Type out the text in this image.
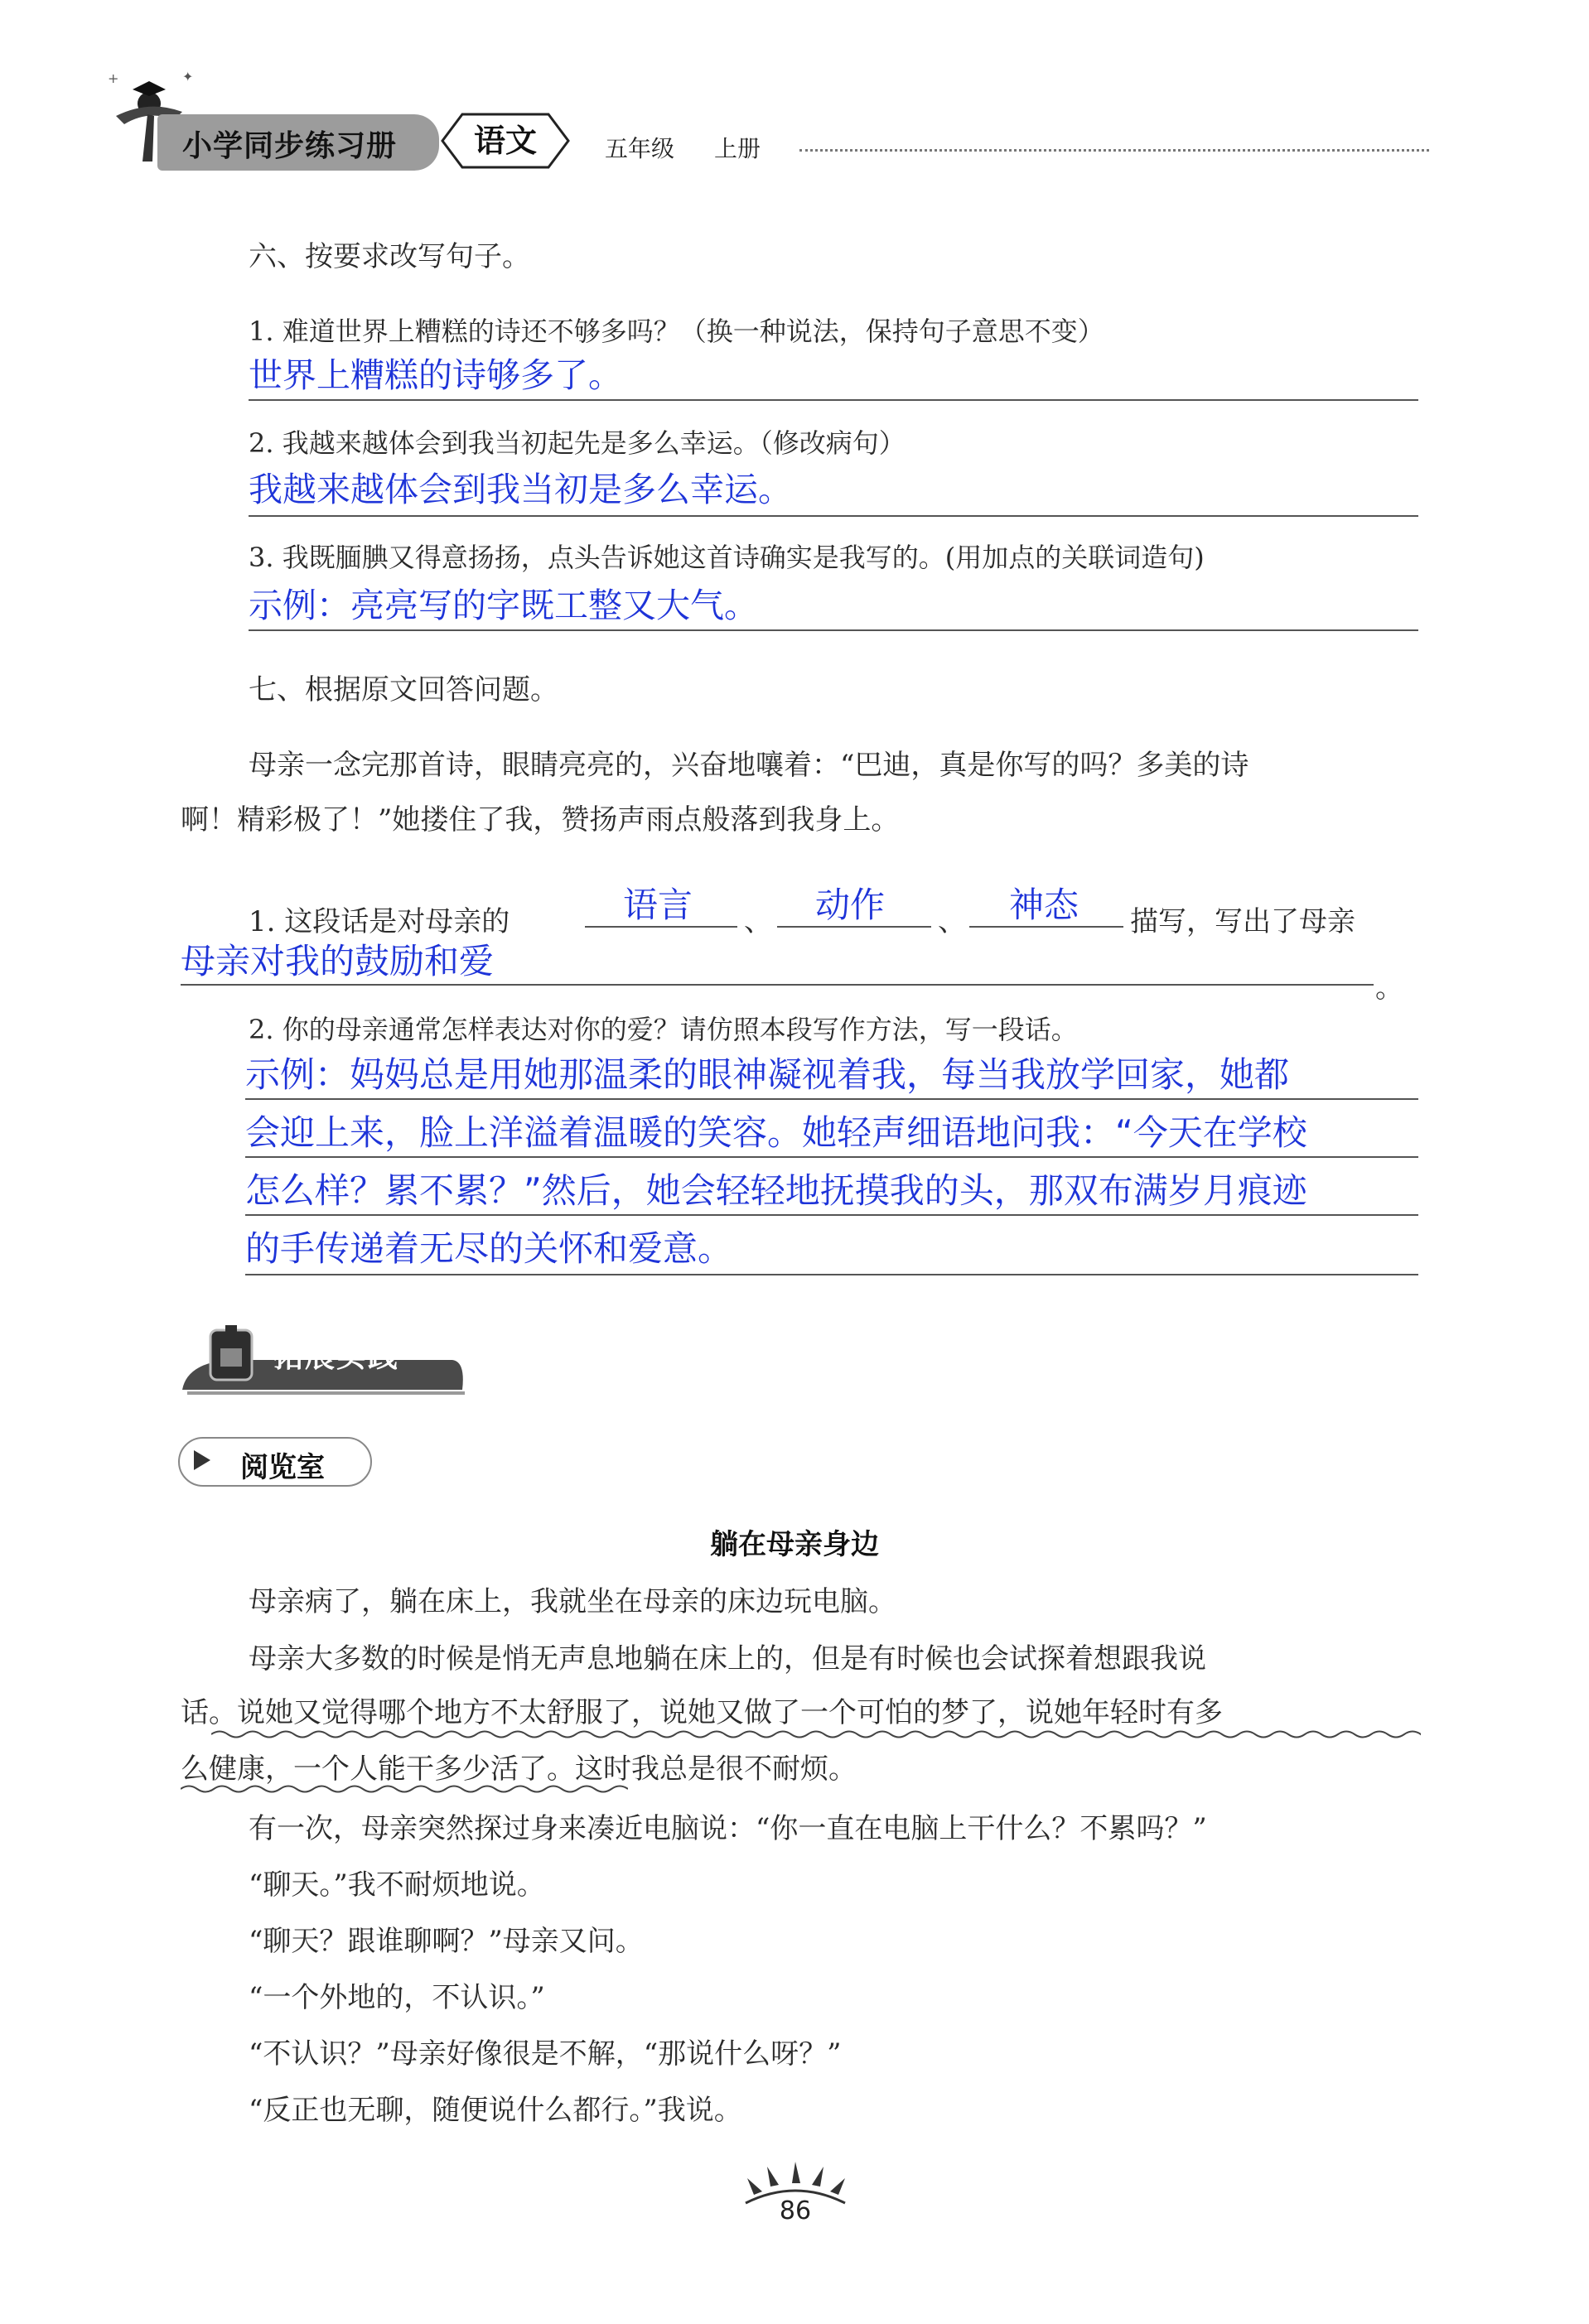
+	✦
小学同步练习册	语文	五年级 上册
六、按要求改写句子。
1. 难道世界上糟糕的诗还不够多吗？（换一种说法，保持句子意思不变）
世界上糟糕的诗够多了。
2. 我越来越体会到我当初起先是多么幸运。（修改病句）
我越来越体会到我当初是多么幸运。
3. 我既腼腆又得意扬扬，点头告诉她这首诗确实是我写的。(用加点的关联词造句)
示例：亮亮写的字既工整又大气。
七、根据原文回答问题。
母亲一念完那首诗，眼睛亮亮的，兴奋地嚷着：“巴迪，真是你写的吗？多美的诗
啊！精彩极了！”她搂住了我，赞扬声雨点般落到我身上。
1. 这段话是对母亲的	语言 、 动作 、 神态 描写，写出了母亲
母亲对我的鼓励和爱
。
2. 你的母亲通常怎样表达对你的爱？请仿照本段写作方法，写一段话。
示例：妈妈总是用她那温柔的眼神凝视着我，每当我放学回家，她都
会迎上来，脸上洋溢着温暖的笑容。她轻声细语地问我：“今天在学校
怎么样？累不累？”然后，她会轻轻地抚摸我的头，那双布满岁月痕迹
的手传递着无尽的关怀和爱意。
拓展实践
阅览室
躺在母亲身边
母亲病了，躺在床上，我就坐在母亲的床边玩电脑。
母亲大多数的时候是悄无声息地躺在床上的，但是有时候也会试探着想跟我说
话。说她又觉得哪个地方不太舒服了，说她又做了一个可怕的梦了，说她年轻时有多
么健康，一个人能干多少活了。这时我总是很不耐烦。
有一次，母亲突然探过身来凑近电脑说：“你一直在电脑上干什么？不累吗？”
“聊天。”我不耐烦地说。
“聊天？跟谁聊啊？”母亲又问。
“一个外地的，不认识。”
“不认识？”母亲好像很是不解，“那说什么呀？”
“反正也无聊，随便说什么都行。”我说。
86
